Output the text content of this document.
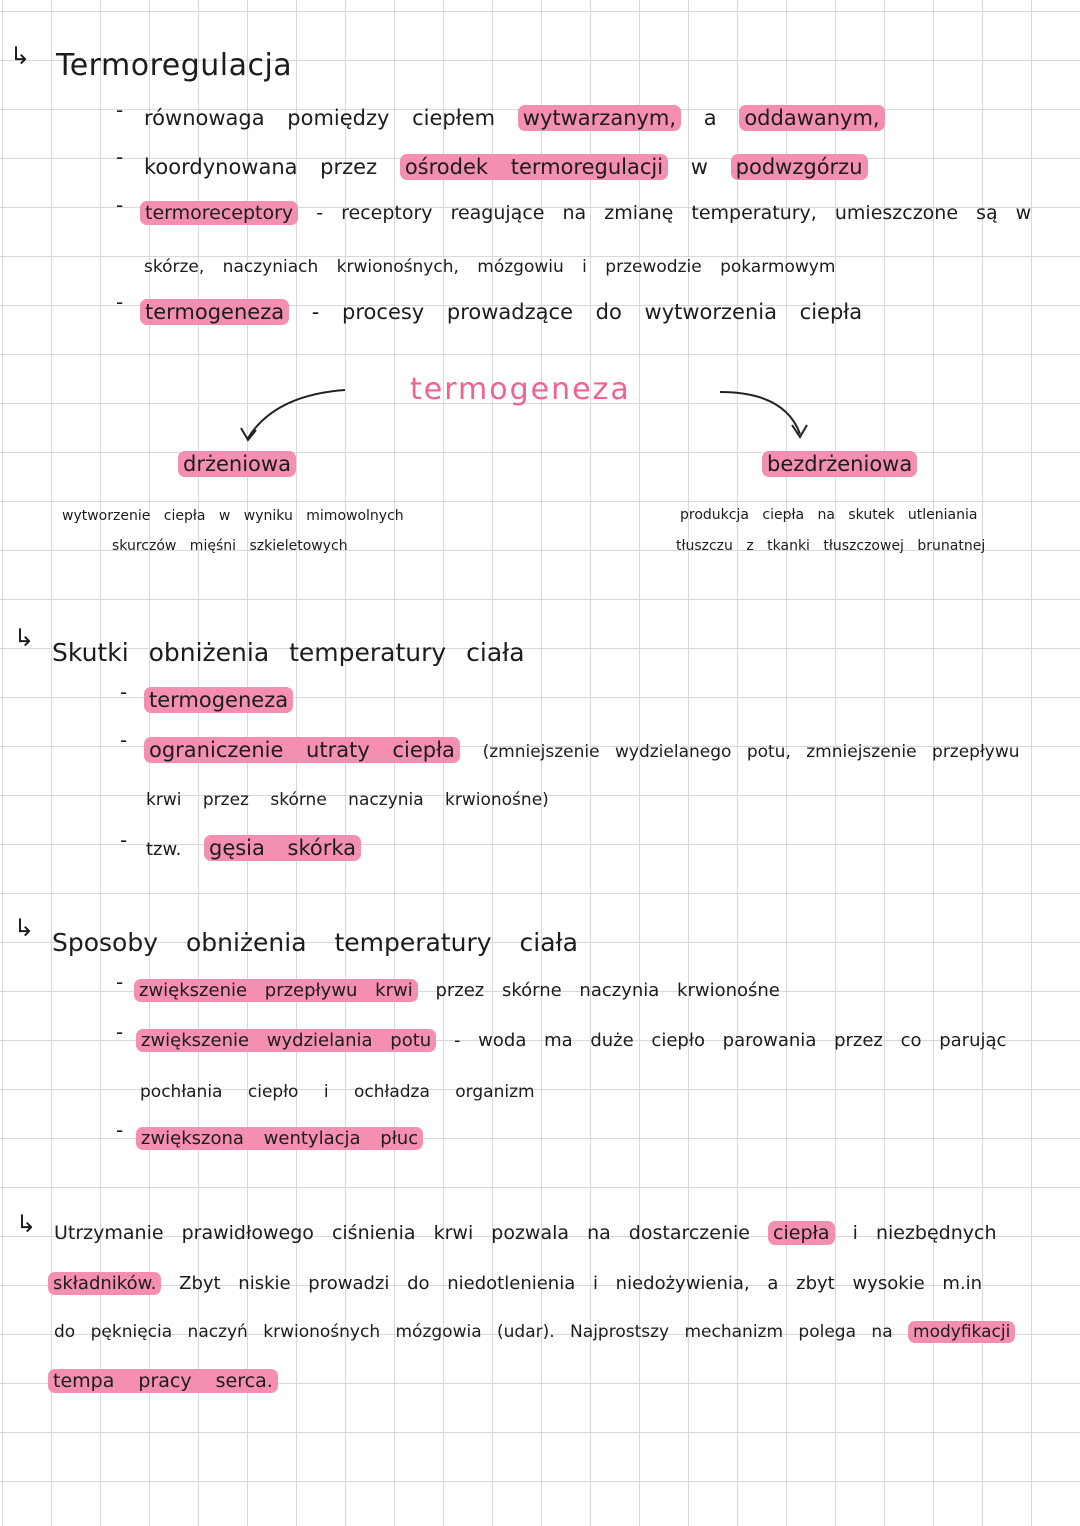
↳ Termoregulacja
- równowaga pomiędzy ciepłem wytwarzanym, a oddawanym,
- koordynowana przez ośrodek termoregulacji w podwzgórzu
- termoreceptory - receptory reagujące na zmianę temperatury, umieszczone są w
skórze, naczyniach krwionośnych, mózgowiu i przewodzie pokarmowym
- termogeneza - procesy prowadzące do wytworzenia ciepła
termogeneza
drżeniowa
wytworzenie ciepła w wyniku mimowolnych
skurczów mięśni szkieletowych
bezdrżeniowa
produkcja ciepła na skutek utleniania
tłuszczu z tkanki tłuszczowej brunatnej
↳ Skutki obniżenia temperatury ciała
- termogeneza
- ograniczenie utraty ciepła (zmniejszenie wydzielanego potu, zmniejszenie przepływu
krwi przez skórne naczynia krwionośne)
- tzw. gęsia skórka
↳ Sposoby obniżenia temperatury ciała
- zwiększenie przepływu krwi przez skórne naczynia krwionośne
- zwiększenie wydzielania potu - woda ma duże ciepło parowania przez co parując
pochłania ciepło i ochładza organizm
- zwiększona wentylacja płuc
↳ Utrzymanie prawidłowego ciśnienia krwi pozwala na dostarczenie ciepła i niezbędnych
składników. Zbyt niskie prowadzi do niedotlenienia i niedożywienia, a zbyt wysokie m.in
do pęknięcia naczyń krwionośnych mózgowia (udar). Najprostszy mechanizm polega na modyfikacji
tempa pracy serca.
